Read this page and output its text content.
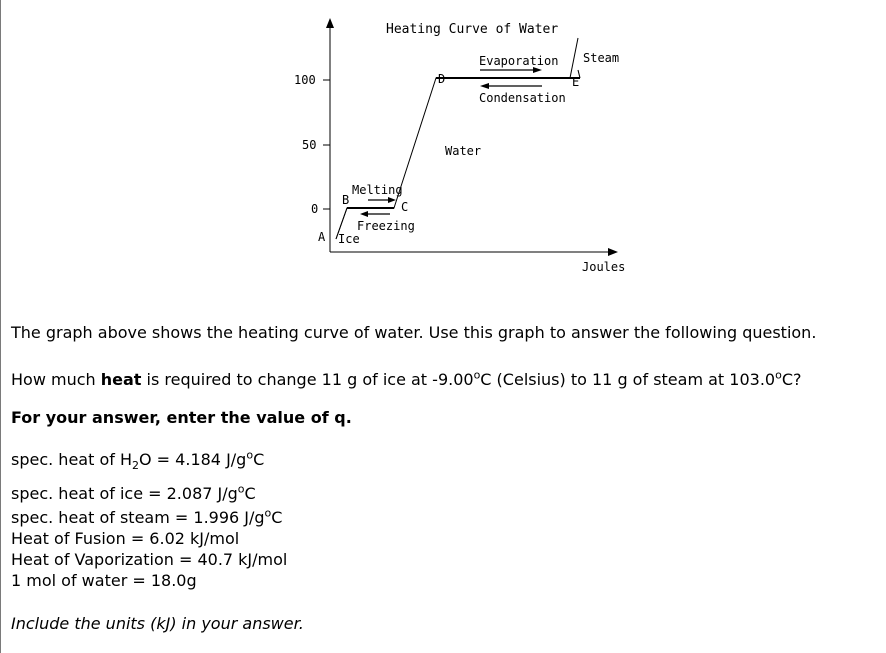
Heating Curve of Water
100
50
0
Joules
A
B	C
D	E
Ice
Water
Steam
Melting
Freezing
Evaporation
Condensation

The graph above shows the heating curve of water. Use this graph to answer the following question.

How much heat is required to change 11 g of ice at -9.00$^o$C (Celsius) to 11 g of steam at 103.0$^o$C?

For your answer, enter the value of q.

spec. heat of $H_2O = 4.184$ $J/g^oC$
spec. heat of ice = 2.087 $J/g^oC$
spec. heat of steam = 1.996 $J/g^oC$
Heat of Fusion = 6.02 kJ/mol
Heat of Vaporization = 40.7 kJ/mol
1 mol of water = 18.0g

Include the units (kJ) in your answer.
